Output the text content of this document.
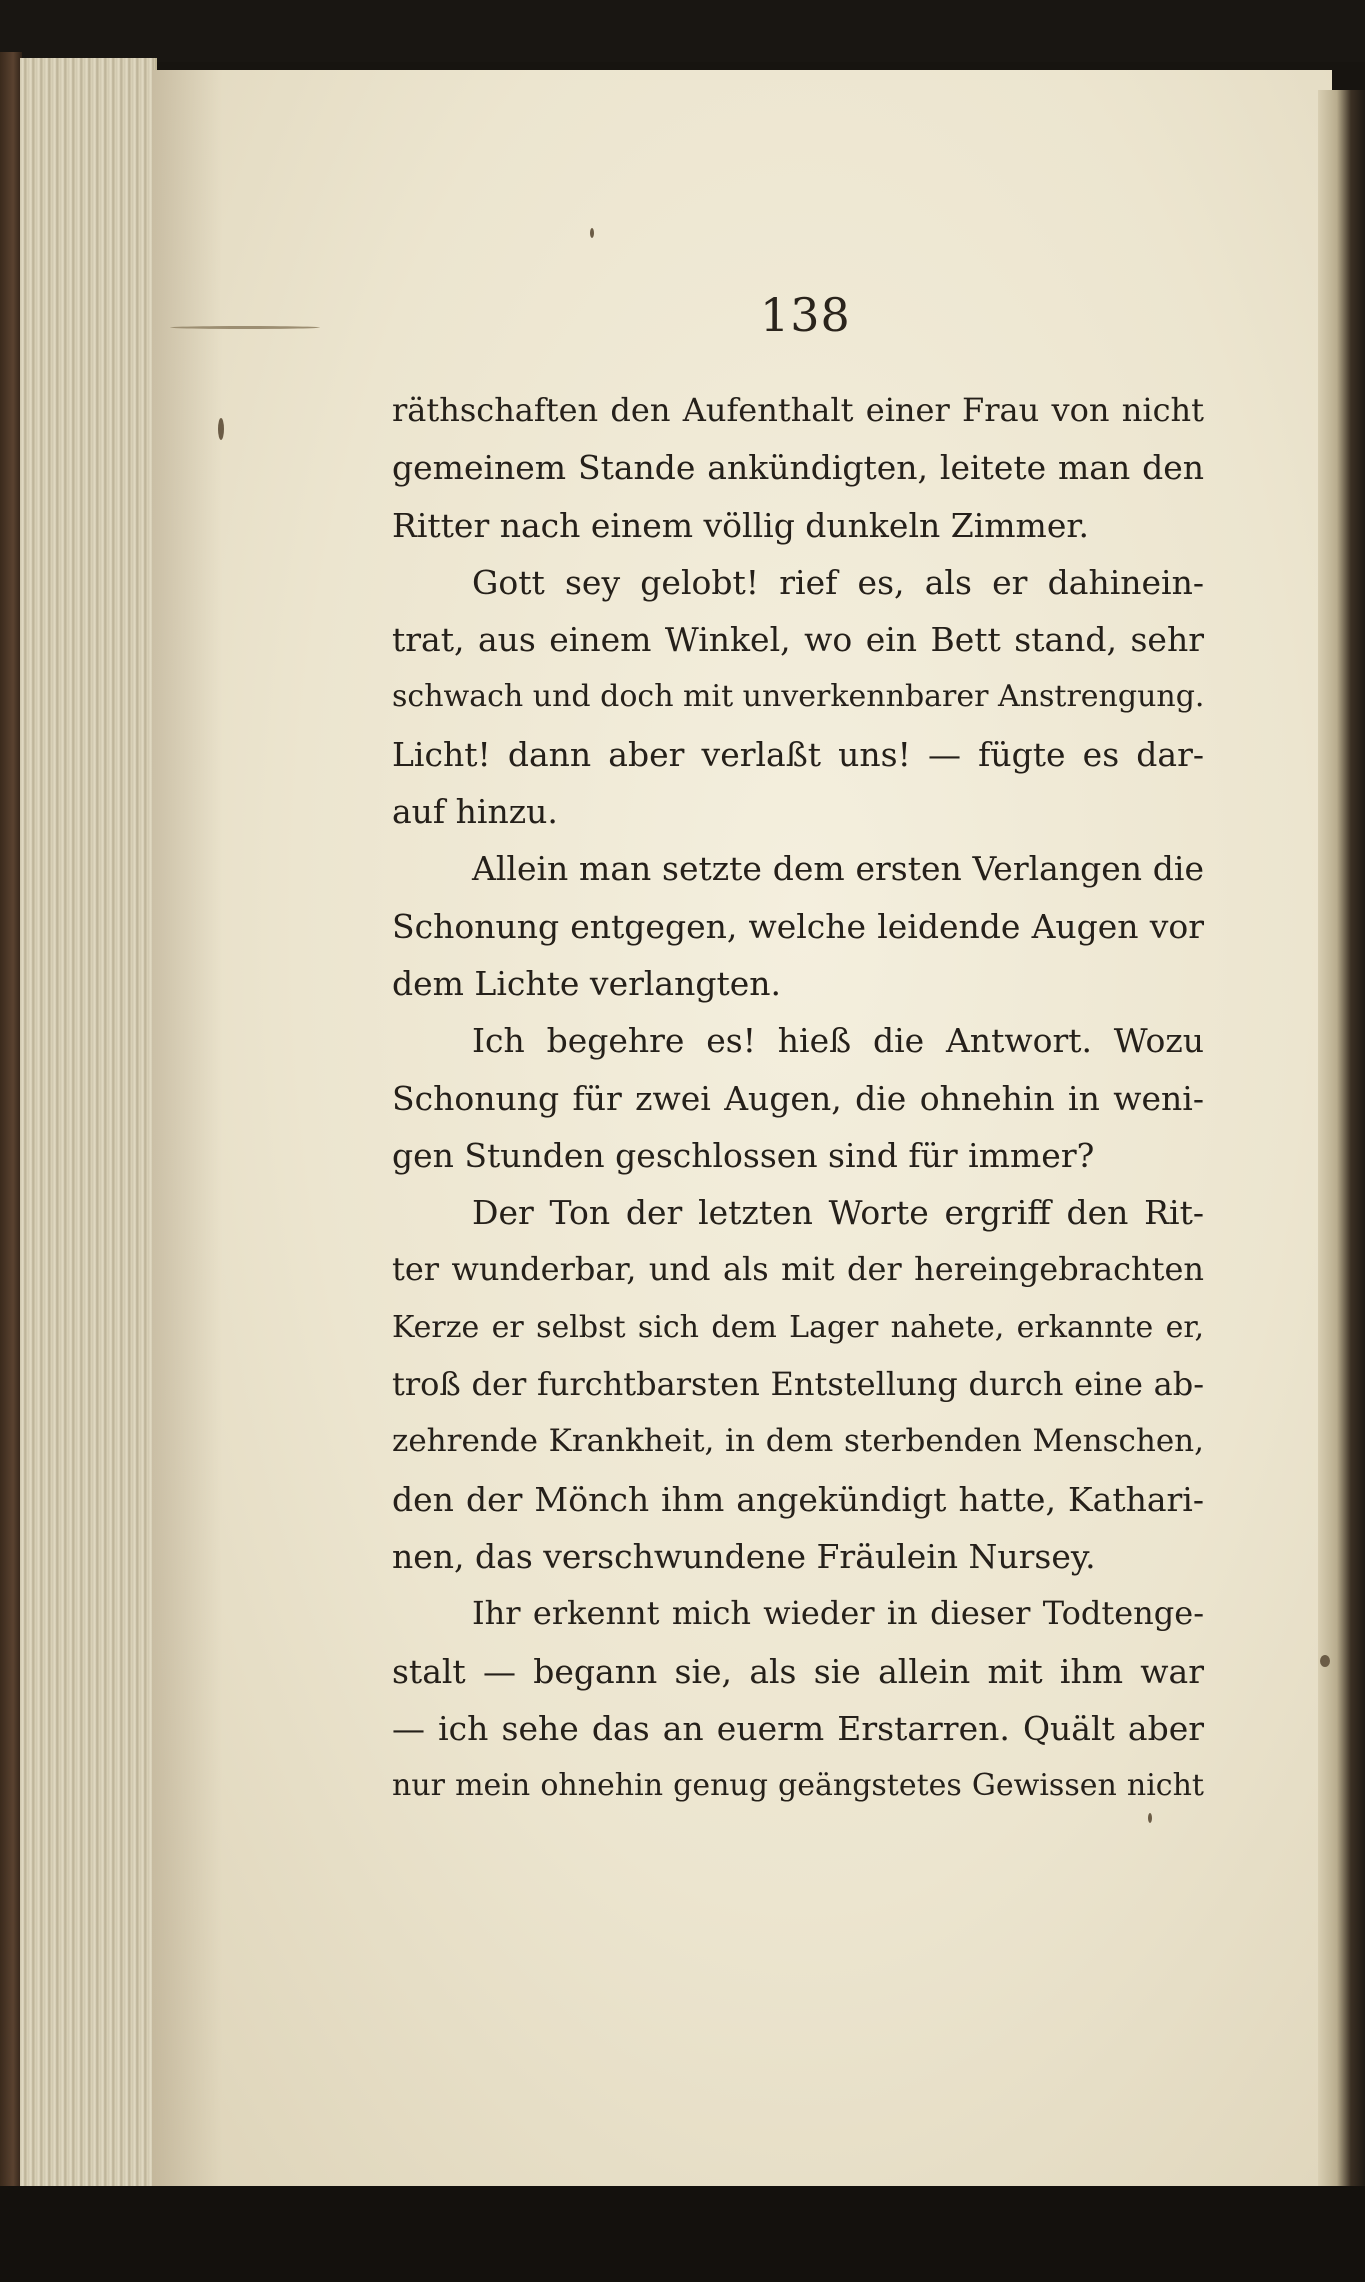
138
räthschaften den Aufenthalt einer Frau von nicht
gemeinem Stande ankündigten, leitete man den
Ritter nach einem völlig dunkeln Zimmer.
Gott sey gelobt! rief es, als er dahinein-
trat, aus einem Winkel, wo ein Bett stand, sehr
schwach und doch mit unverkennbarer Anstrengung.
Licht! dann aber verlaßt uns! — fügte es dar-
auf hinzu.
Allein man setzte dem ersten Verlangen die
Schonung entgegen, welche leidende Augen vor
dem Lichte verlangten.
Ich begehre es! hieß die Antwort. Wozu
Schonung für zwei Augen, die ohnehin in weni-
gen Stunden geschlossen sind für immer?
Der Ton der letzten Worte ergriff den Rit-
ter wunderbar, und als mit der hereingebrachten
Kerze er selbst sich dem Lager nahete, erkannte er,
troß der furchtbarsten Entstellung durch eine ab-
zehrende Krankheit, in dem sterbenden Menschen,
den der Mönch ihm angekündigt hatte, Kathari-
nen, das verschwundene Fräulein Nursey.
Ihr erkennt mich wieder in dieser Todtenge-
stalt — begann sie, als sie allein mit ihm war
— ich sehe das an euerm Erstarren. Quält aber
nur mein ohnehin genug geängstetes Gewissen nicht
